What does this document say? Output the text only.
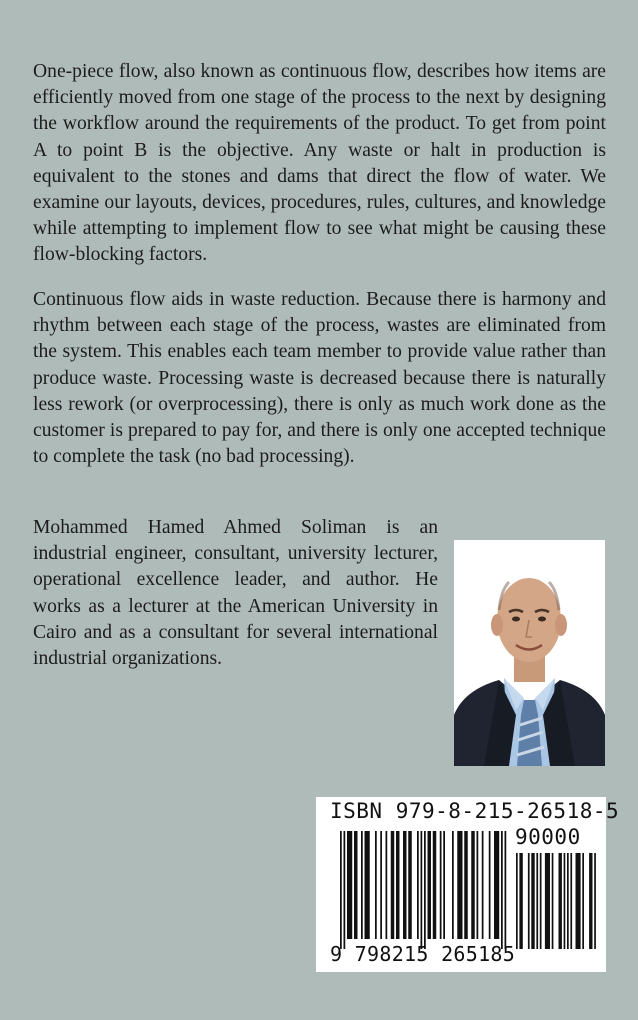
One-piece flow, also known as continuous flow, describes how items are efficiently moved from one stage of the process to the next by designing the workflow around the requirements of the product. To get from point A to point B is the objective. Any waste or halt in production is equivalent to the stones and dams that direct the flow of water. We examine our layouts, devices, procedures, rules, cultures, and knowledge while attempting to implement flow to see what might be causing these flow-blocking factors.

Continuous flow aids in waste reduction. Because there is harmony and rhythm between each stage of the process, wastes are eliminated from the system. This enables each team member to provide value rather than produce waste. Processing waste is decreased because there is naturally less rework (or overprocessing), there is only as much work done as the customer is prepared to pay for, and there is only one accepted technique to complete the task (no bad processing).

Mohammed Hamed Ahmed Soliman is an industrial engineer, consultant, university lecturer, operational excellence leader, and author. He works as a lecturer at the American University in Cairo and as a consultant for several international industrial organizations.

ISBN 979-8-215-26518-5
90000
9 798215 265185
